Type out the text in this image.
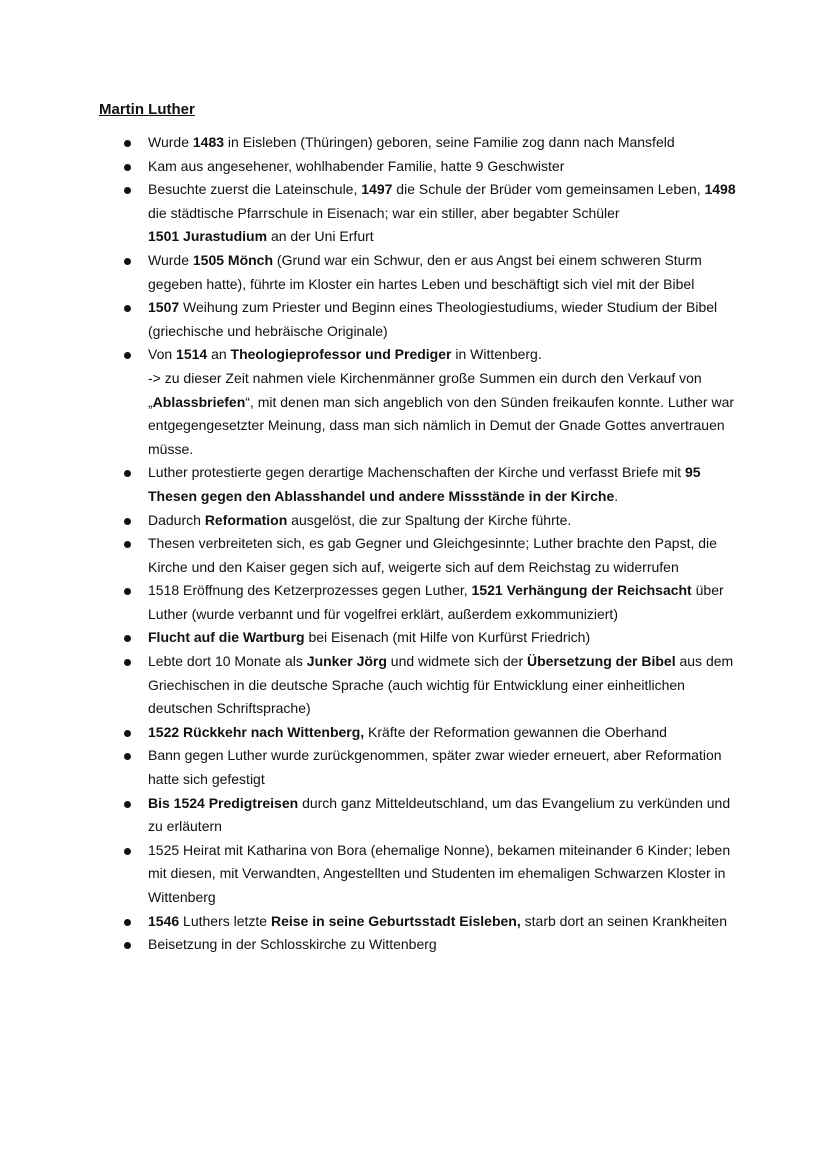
Martin Luther
Wurde 1483 in Eisleben (Thüringen) geboren, seine Familie zog dann nach Mansfeld
Kam aus angesehener, wohlhabender Familie, hatte 9 Geschwister
Besuchte zuerst die Lateinschule, 1497 die Schule der Brüder vom gemeinsamen Leben, 1498 die städtische Pfarrschule in Eisenach; war ein stiller, aber begabter Schüler
1501 Jurastudium an der Uni Erfurt
Wurde 1505 Mönch (Grund war ein Schwur, den er aus Angst bei einem schweren Sturm gegeben hatte), führte im Kloster ein hartes Leben und beschäftigt sich viel mit der Bibel
1507 Weihung zum Priester und Beginn eines Theologiestudiums, wieder Studium der Bibel (griechische und hebräische Originale)
Von 1514 an Theologieprofessor und Prediger in Wittenberg.
-> zu dieser Zeit nahmen viele Kirchenmänner große Summen ein durch den Verkauf von „Ablassbriefen“, mit denen man sich angeblich von den Sünden freikaufen konnte. Luther war entgegengesetzter Meinung, dass man sich nämlich in Demut der Gnade Gottes anvertrauen müsse.
Luther protestierte gegen derartige Machenschaften der Kirche und verfasst Briefe mit 95 Thesen gegen den Ablasshandel und andere Missstände in der Kirche.
Dadurch Reformation ausgelöst, die zur Spaltung der Kirche führte.
Thesen verbreiteten sich, es gab Gegner und Gleichgesinnte; Luther brachte den Papst, die Kirche und den Kaiser gegen sich auf, weigerte sich auf dem Reichstag zu widerrufen
1518 Eröffnung des Ketzerprozesses gegen Luther, 1521 Verhängung der Reichsacht über Luther (wurde verbannt und für vogelfrei erklärt, außerdem exkommuniziert)
Flucht auf die Wartburg bei Eisenach (mit Hilfe von Kurfürst Friedrich)
Lebte dort 10 Monate als Junker Jörg und widmete sich der Übersetzung der Bibel aus dem Griechischen in die deutsche Sprache (auch wichtig für Entwicklung einer einheitlichen deutschen Schriftsprache)
1522 Rückkehr nach Wittenberg, Kräfte der Reformation gewannen die Oberhand
Bann gegen Luther wurde zurückgenommen, später zwar wieder erneuert, aber Reformation hatte sich gefestigt
Bis 1524 Predigtreisen durch ganz Mitteldeutschland, um das Evangelium zu verkünden und zu erläutern
1525 Heirat mit Katharina von Bora (ehemalige Nonne), bekamen miteinander 6 Kinder; leben mit diesen, mit Verwandten, Angestellten und Studenten im ehemaligen Schwarzen Kloster in Wittenberg
1546 Luthers letzte Reise in seine Geburtsstadt Eisleben, starb dort an seinen Krankheiten
Beisetzung in der Schlosskirche zu Wittenberg
